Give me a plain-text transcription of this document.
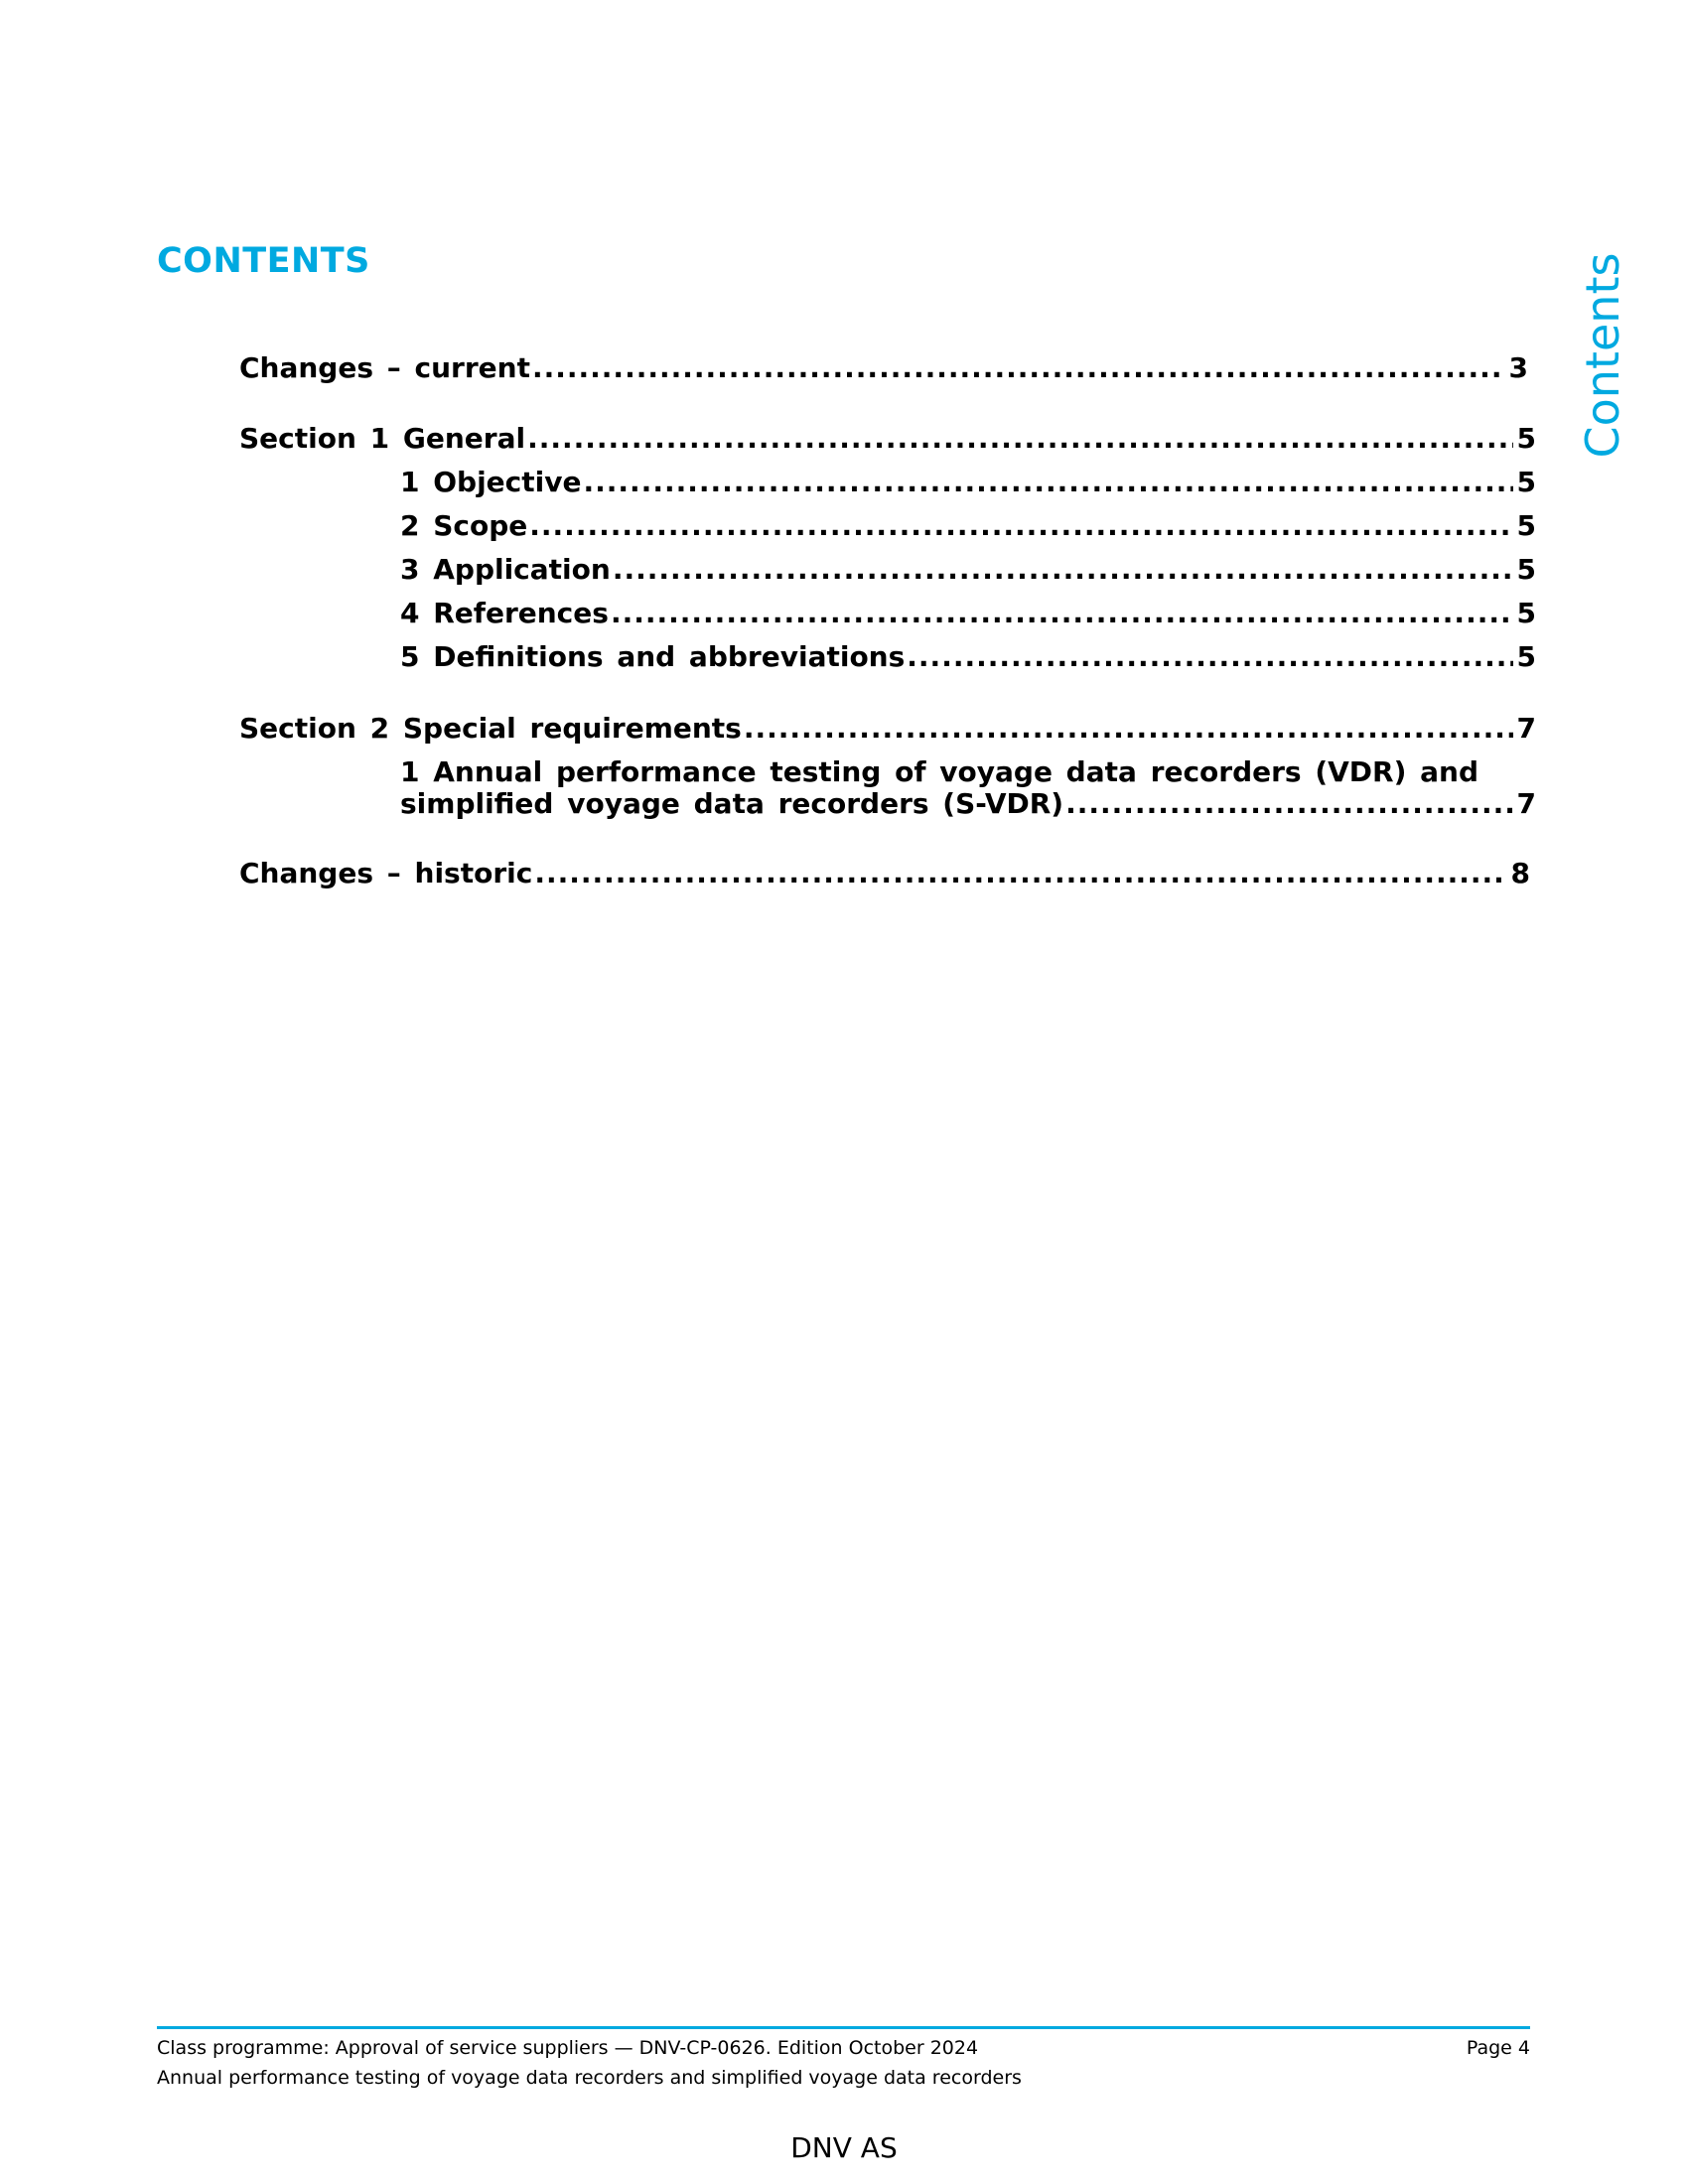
CONTENTS	Contents
Changes – current .....	3
Section 1 General .....	5
1 Objective .....	5
2 Scope .....	5
3 Application .....	5
4 References .....	5
5 Definitions and abbreviations .....	5
Section 2 Special requirements .....	7
1 Annual performance testing of voyage data recorders (VDR) and
simplified voyage data recorders (S-VDR) .....	7
Changes – historic .....	8
Class programme: Approval of service suppliers — DNV-CP-0626. Edition October 2024
Annual performance testing of voyage data recorders and simplified voyage data recorders
Page 4
DNV AS
